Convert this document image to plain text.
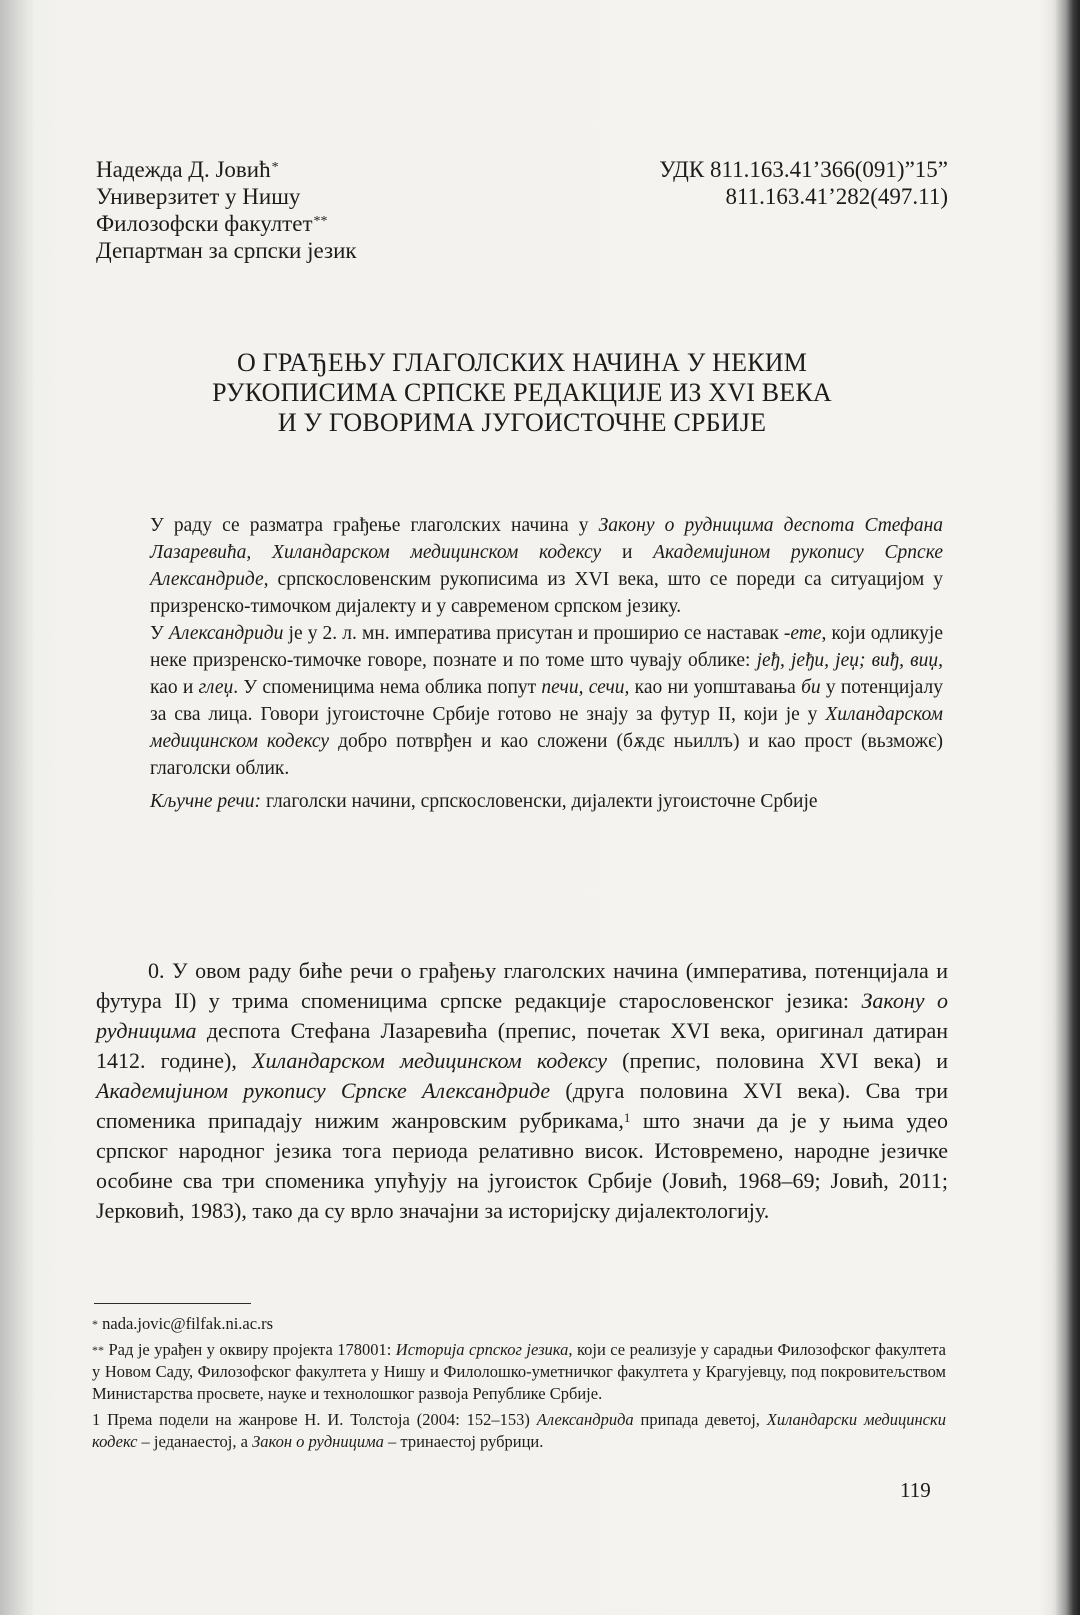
Надежда Д. Јовић*
Универзитет у Нишу
Филозофски факултет**
Департман за српски језик
УДК 811.163.41’366(091)”15”
811.163.41’282(497.11)
О ГРАЂЕЊУ ГЛАГОЛСКИХ НАЧИНА У НЕКИМ
РУКОПИСИМА СРПСКЕ РЕДАКЦИЈЕ ИЗ XVI ВЕКА
И У ГОВОРИМА ЈУГОИСТОЧНЕ СРБИЈЕ

У раду се разматра грађење глаголских начина у Закону о рудницима деспота Стефана Лазаревића, Хиландарском медицинском кодексу и Академијином рукопису Српске Александриде, српскословенским рукописима из XVI века, што се пореди са ситуацијом у призренско-тимочком дијалекту и у савременом српском језику.

У Александриди је у 2. л. мн. императива присутан и проширио се наставак -ете, који одликује неке призренско-тимочке говоре, познате и по томе што чувају облике: јеђ, јеђи, јеџ; виђ, виџ, као и глеџ. У споменицима нема облика попут печи, сечи, као ни уопштавања би у потенцијалу за сва лица. Говори југоисточне Србије готово не знају за футур II, који је у Хиландарском медицинском кодексу добро потврђен и као сложени (бѫдє ньиллъ) и као прост (вьзможє) глаголски облик.

Кључне речи: глаголски начини, српскословенски, дијалекти југоисточне Србије

0. У овом раду биће речи о грађењу глаголских начина (императива, потенцијала и футура II) у трима споменицима српске редакције старословенског језика: Закону о рудницима деспота Стефана Лазаревића (препис, почетак XVI века, оригинал датиран 1412. године), Хиландарском медицинском кодексу (препис, половина XVI века) и Академијином рукопису Српске Александриде (друга половина XVI века). Сва три споменика припадају нижим жанровским рубрикама,$^1$ што значи да је у њима удео српског народног језика тога периода релативно висок. Истовремено, народне језичке особине сва три споменика упућују на југоисток Србије (Јовић, 1968–69; Јовић, 2011; Јерковић, 1983), тако да су врло значајни за историјску дијалектологију.

* nada.jovic@filfak.ni.ac.rs

** Рад је урађен у оквиру пројекта 178001: Историја српског језика, који се реализује у сарадњи Филозофског факултета у Новом Саду, Филозофског факултета у Нишу и Филолошко-уметничког факултета у Крагујевцу, под покровитељством Министарства просвете, науке и технолошког развоја Републике Србије.

1 Према подели на жанрове Н. И. Толстоја (2004: 152–153) Александрида припада деветој, Хиландарски медицински кодекс – једанаестој, а Закон о рудницима – тринаестој рубрици.

119
